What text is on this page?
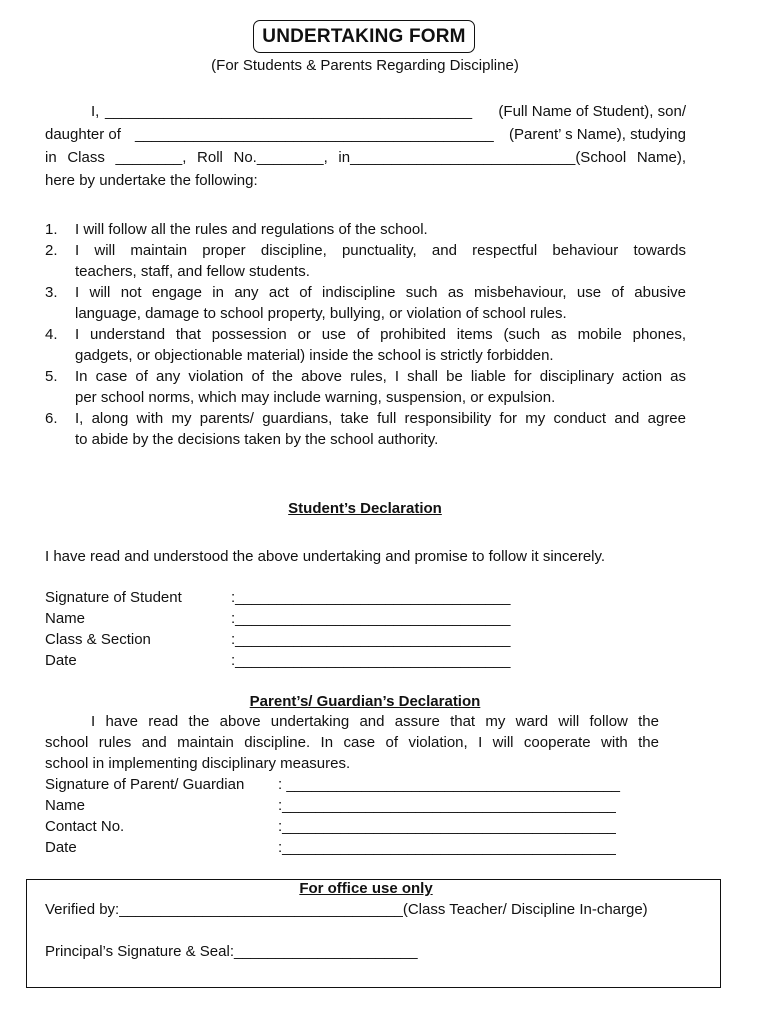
UNDERTAKING FORM
(For Students & Parents Regarding Discipline)
I, ____________________________________________ (Full Name of Student), son/
daughter of ___________________________________________ (Parent’ s Name), studying
in Class ________, Roll No.________, in___________________________(School Name),
here by undertake the following:
1.	I will follow all the rules and regulations of the school.
2.	I will maintain proper discipline, punctuality, and respectful behaviour towards
teachers, staff, and fellow students.
3.	I will not engage in any act of indiscipline such as misbehaviour, use of abusive
language, damage to school property, bullying, or violation of school rules.
4.	I understand that possession or use of prohibited items (such as mobile phones,
gadgets, or objectionable material) inside the school is strictly forbidden.
5.	In case of any violation of the above rules, I shall be liable for disciplinary action as
per school norms, which may include warning, suspension, or expulsion.
6.	I, along with my parents/ guardians, take full responsibility for my conduct and agree
to abide by the decisions taken by the school authority.
Student’s Declaration
I have read and understood the above undertaking and promise to follow it sincerely.
Signature of Student	:_________________________________
Name	:_________________________________
Class & Section	:_________________________________
Date	:_________________________________
Parent’s/ Guardian’s Declaration
I have read the above undertaking and assure that my ward will follow the
school rules and maintain discipline. In case of violation, I will cooperate with the
school in implementing disciplinary measures.
Signature of Parent/ Guardian : ________________________________________
Name	:________________________________________
Contact No.	:________________________________________
Date	:________________________________________
For office use only
Verified by:__________________________________(Class Teacher/ Discipline In-charge)
Principal’s Signature & Seal:______________________
